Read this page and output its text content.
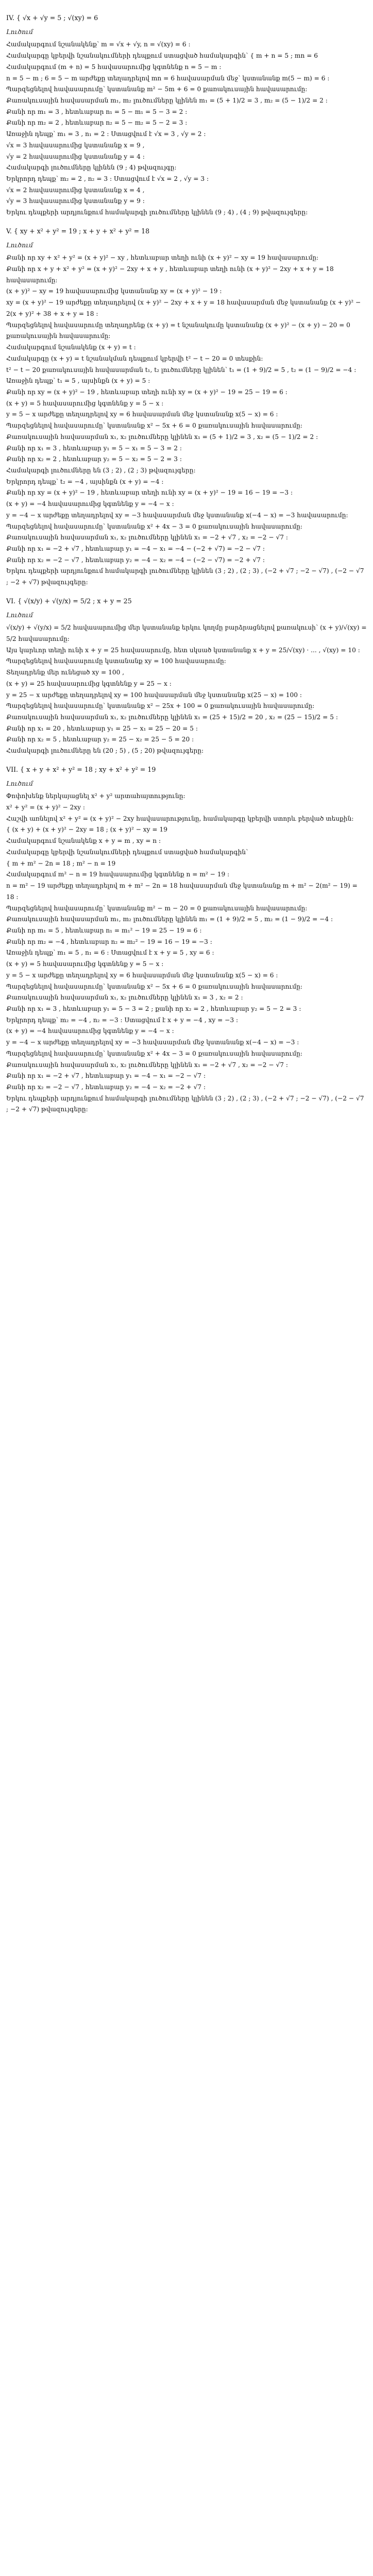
IV. { √x + √y = 5 ; √(xy) = 6

Լուծում

Համակարգում նշանակենք՝ m = √x + √y, n = √(xy) = 6 :

Համակարգը կբերվի նշանակումների դեպքում ստացված համակարգին՝ { m + n = 5 ; mn = 6

Համակարգում (m + n) = 5 հավասարումից կգտնենք n = 5 − m :

n = 5 − m ; 6 = 5 − m արժեքը տեղադրելով mn = 6 հավասարման մեջ՝ կստանանք m(5 − m) = 6 :

Պարզեցնելով հավասարումը՝ կստանանք m² − 5m + 6 = 0 քառակուսային հավասարումը:

Քառակուսային հավասարման m₁, m₂ լուծումները կլինեն m₁ = (5 + 1)/2 = 3 , m₂ = (5 − 1)/2 = 2 :

Քանի որ m₁ = 3 , հետևաբար n₁ = 5 − m₁ = 5 − 3 = 2 :

Քանի որ m₂ = 2 , հետևաբար n₂ = 5 − m₂ = 5 − 2 = 3 :

Առաջին դեպք՝ m₁ = 3 , n₁ = 2 : Ստացվում է √x = 3 , √y = 2 :

√x = 3 հավասարումից կստանանք x = 9 ,

√y = 2 հավասարումից կստանանք y = 4 :

Համակարգի լուծումները կլինեն (9 ; 4) թվազույգը:

Երկրորդ դեպք՝ m₂ = 2 , n₂ = 3 : Ստացվում է √x = 2 , √y = 3 :

√x = 2 հավասարումից կստանանք x = 4 ,

√y = 3 հավասարումից կստանանք y = 9 :

Երկու դեպքերի արդյունքում համակարգի լուծումները կլինեն (9 ; 4) , (4 ; 9) թվազույգերը:

V. { xy + x² + y² = 19 ; x + y + x² + y² = 18

Լուծում

Քանի որ xy + x² + y² = (x + y)² − xy , հետևաբար տեղի ունի (x + y)² − xy = 19 հավասարումը:

Քանի որ x + y + x² + y² = (x + y)² − 2xy + x + y , հետևաբար տեղի ունի (x + y)² − 2xy + x + y = 18 հավասարումը:

(x + y)² − xy = 19 հավասարումից կստանանք xy = (x + y)² − 19 :

xy = (x + y)² − 19 արժեքը տեղադրելով (x + y)² − 2xy + x + y = 18 հավասարման մեջ կստանանք (x + y)² − 2(x + y)² + 38 + x + y = 18 :

Պարզեցնելով հավասարումը տեղադրենք (x + y) = t նշանակումը կստանանք (x + y)² − (x + y) − 20 = 0 քառակուսային հավասարումը:

Համակարգում նշանակենք (x + y) = t :

Համակարգը (x + y) = t նշանակման դեպքում կբերվի t² − t − 20 = 0 տեսքին:

t² − t − 20 քառակուսային հավասարման t₁, t₂ լուծումները կլինեն՝ t₁ = (1 + 9)/2 = 5 , t₂ = (1 − 9)/2 = −4 :

Առաջին դեպք՝ t₁ = 5 , այսինքն (x + y) = 5 :

Քանի որ xy = (x + y)² − 19 , հետևաբար տեղի ունի xy = (x + y)² − 19 = 25 − 19 = 6 :

(x + y) = 5 հավասարումից կգտնենք y = 5 − x :

y = 5 − x արժեքը տեղադրելով xy = 6 հավասարման մեջ կստանանք x(5 − x) = 6 :

Պարզեցնելով հավասարումը՝ կստանանք x² − 5x + 6 = 0 քառակուսային հավասարումը:

Քառակուսային հավասարման x₁, x₂ լուծումները կլինեն x₁ = (5 + 1)/2 = 3 , x₂ = (5 − 1)/2 = 2 :

Քանի որ x₁ = 3 , հետևաբար y₁ = 5 − x₁ = 5 − 3 = 2 :

Քանի որ x₂ = 2 , հետևաբար y₂ = 5 − x₂ = 5 − 2 = 3 :

Համակարգի լուծումները են (3 ; 2) , (2 ; 3) թվազույգերը:

Երկրորդ դեպք՝ t₂ = −4 , այսինքն (x + y) = −4 :

Քանի որ xy = (x + y)² − 19 , հետևաբար տեղի ունի xy = (x + y)² − 19 = 16 − 19 = −3 :

(x + y) = −4 հավասարումից կգտնենք y = −4 − x :

y = −4 − x արժեքը տեղադրելով xy = −3 հավասարման մեջ կստանանք x(−4 − x) = −3 հավասարումը:

Պարզեցնելով հավասարումը՝ կստանանք x² + 4x − 3 = 0 քառակուսային հավասարումը:

Քառակուսային հավասարման x₁, x₂ լուծումները կլինեն x₁ = −2 + √7 , x₂ = −2 − √7 :

Քանի որ x₁ = −2 + √7 , հետևաբար y₁ = −4 − x₁ = −4 − (−2 + √7) = −2 − √7 :

Քանի որ x₂ = −2 − √7 , հետևաբար y₂ = −4 − x₂ = −4 − (−2 − √7) = −2 + √7 :

Երկու դեպքերի արդյունքում համակարգի լուծումները կլինեն (3 ; 2) , (2 ; 3) , (−2 + √7 ; −2 − √7) , (−2 − √7 ; −2 + √7) թվազույգերը:

VI. { √(x/y) + √(y/x) = 5/2 ; x + y = 25

Լուծում

√(x/y) + √(y/x) = 5/2 հավասարումից մեր կստանանք երկու կողմը բարձրացնելով քառակուսի՝ (x + y)/√(xy) = 5/2 հավասարումը:

Այս կարևոր տեղի ունի x + y = 25 հավասարումը, հետ սկսած կստանանք x + y = 25/√(xy) · ... , √(xy) = 10 :

Պարզեցնելով հավասարումը կստանանք xy = 100 հավասարումը:

Տեղադրենք մեր ունեցած xy = 100 ,

(x + y) = 25 հավասարումից կգտնենք y = 25 − x :

y = 25 − x արժեքը տեղադրելով xy = 100 հավասարման մեջ կստանանք x(25 − x) = 100 :

Պարզեցնելով հավասարումը՝ կստանանք x² − 25x + 100 = 0 քառակուսային հավասարումը:

Քառակուսային հավասարման x₁, x₂ լուծումները կլինեն x₁ = (25 + 15)/2 = 20 , x₂ = (25 − 15)/2 = 5 :

Քանի որ x₁ = 20 , հետևաբար y₁ = 25 − x₁ = 25 − 20 = 5 :

Քանի որ x₂ = 5 , հետևաբար y₂ = 25 − x₂ = 25 − 5 = 20 :

Համակարգի լուծումները են (20 ; 5) , (5 ; 20) թվազույգերը:

VII. { x + y + x² + y² = 18 ; xy + x² + y² = 19

Լուծում

Փոփոխենք ներկայացնել x² + y² արտահայտությունը:

x² + y² = (x + y)² − 2xy :

Հաշվի առնելով x² + y² = (x + y)² − 2xy հավասարությունը, համակարգը կբերվի ստորև բերված տեսքին:

{ (x + y) + (x + y)² − 2xy = 18 ; (x + y)² − xy = 19

Համակարգում նշանակենք x + y = m , xy = n :

Համակարգը կբերվի նշանակումների դեպքում ստացված համակարգին՝

{ m + m² − 2n = 18 ; m² − n = 19

Համակարգում m² − n = 19 հավասարումից կգտնենք n = m² − 19 :

n = m² − 19 արժեքը տեղադրելով m + m² − 2n = 18 հավասարման մեջ կստանանք m + m² − 2(m² − 19) = 18 :

Պարզեցնելով հավասարումը՝ կստանանք m² − m − 20 = 0 քառակուսային հավասարումը:

Քառակուսային հավասարման m₁, m₂ լուծումները կլինեն m₁ = (1 + 9)/2 = 5 , m₂ = (1 − 9)/2 = −4 :

Քանի որ m₁ = 5 , հետևաբար n₁ = m₁² − 19 = 25 − 19 = 6 :

Քանի որ m₂ = −4 , հետևաբար n₂ = m₂² − 19 = 16 − 19 = −3 :

Առաջին դեպք՝ m₁ = 5 , n₁ = 6 : Ստացվում է x + y = 5 , xy = 6 :

(x + y) = 5 հավասարումից կգտնենք y = 5 − x :

y = 5 − x արժեքը տեղադրելով xy = 6 հավասարման մեջ կստանանք x(5 − x) = 6 :

Պարզեցնելով հավասարումը՝ կստանանք x² − 5x + 6 = 0 քառակուսային հավասարումը:

Քառակուսային հավասարման x₁, x₂ լուծումները կլինեն x₁ = 3 , x₂ = 2 :

Քանի որ x₁ = 3 , հետևաբար y₁ = 5 − 3 = 2 ; քանի որ x₂ = 2 , հետևաբար y₂ = 5 − 2 = 3 :

Երկրորդ դեպք՝ m₂ = −4 , n₂ = −3 : Ստացվում է x + y = −4 , xy = −3 :

(x + y) = −4 հավասարումից կգտնենք y = −4 − x :

y = −4 − x արժեքը տեղադրելով xy = −3 հավասարման մեջ կստանանք x(−4 − x) = −3 :

Պարզեցնելով հավասարումը՝ կստանանք x² + 4x − 3 = 0 քառակուսային հավասարումը:

Քառակուսային հավասարման x₁, x₂ լուծումները կլինեն x₁ = −2 + √7 , x₂ = −2 − √7 :

Քանի որ x₁ = −2 + √7 , հետևաբար y₁ = −4 − x₁ = −2 − √7 :

Քանի որ x₂ = −2 − √7 , հետևաբար y₂ = −4 − x₂ = −2 + √7 :

Երկու դեպքերի արդյունքում համակարգի լուծումները կլինեն (3 ; 2) , (2 ; 3) , (−2 + √7 ; −2 − √7) , (−2 − √7 ; −2 + √7) թվազույգերը:
